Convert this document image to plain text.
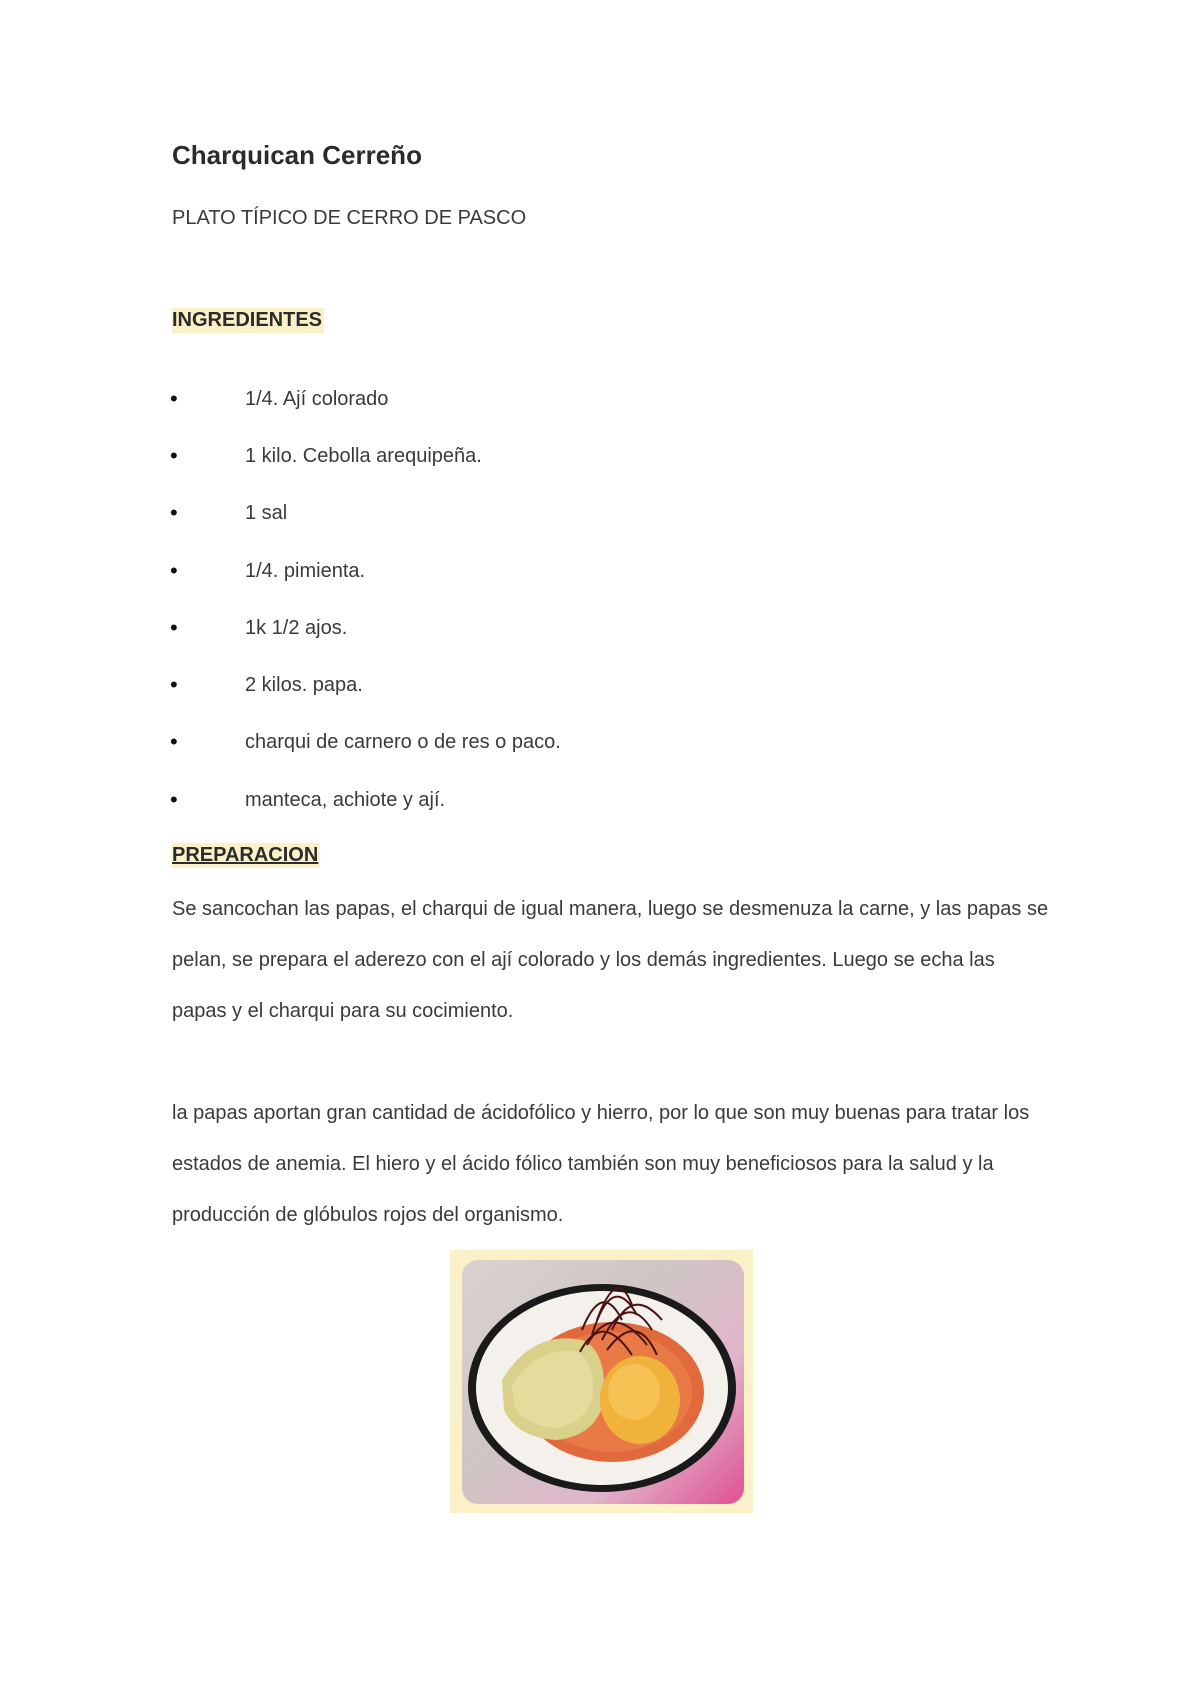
Charquican Cerreño
PLATO TÍPICO DE CERRO DE PASCO
INGREDIENTES
•	1/4. Ají colorado
•	1 kilo. Cebolla arequipeña.
•	1 sal
•	1/4. pimienta.
•	1k 1/2 ajos.
•	2 kilos. papa.
•	charqui de carnero o de res o paco.
•	manteca, achiote y ají.
PREPARACION

Se sancochan las papas, el charqui de igual manera, luego se desmenuza la carne, y las papas se pelan, se prepara el aderezo con el ají colorado y los demás ingredientes. Luego se echa las papas y el charqui para su cocimiento.

la papas aportan gran cantidad de ácidofólico y hierro, por lo que son muy buenas para tratar los estados de anemia. El hiero y el ácido fólico también son muy beneficiosos para la salud y la producción de glóbulos rojos del organismo.
